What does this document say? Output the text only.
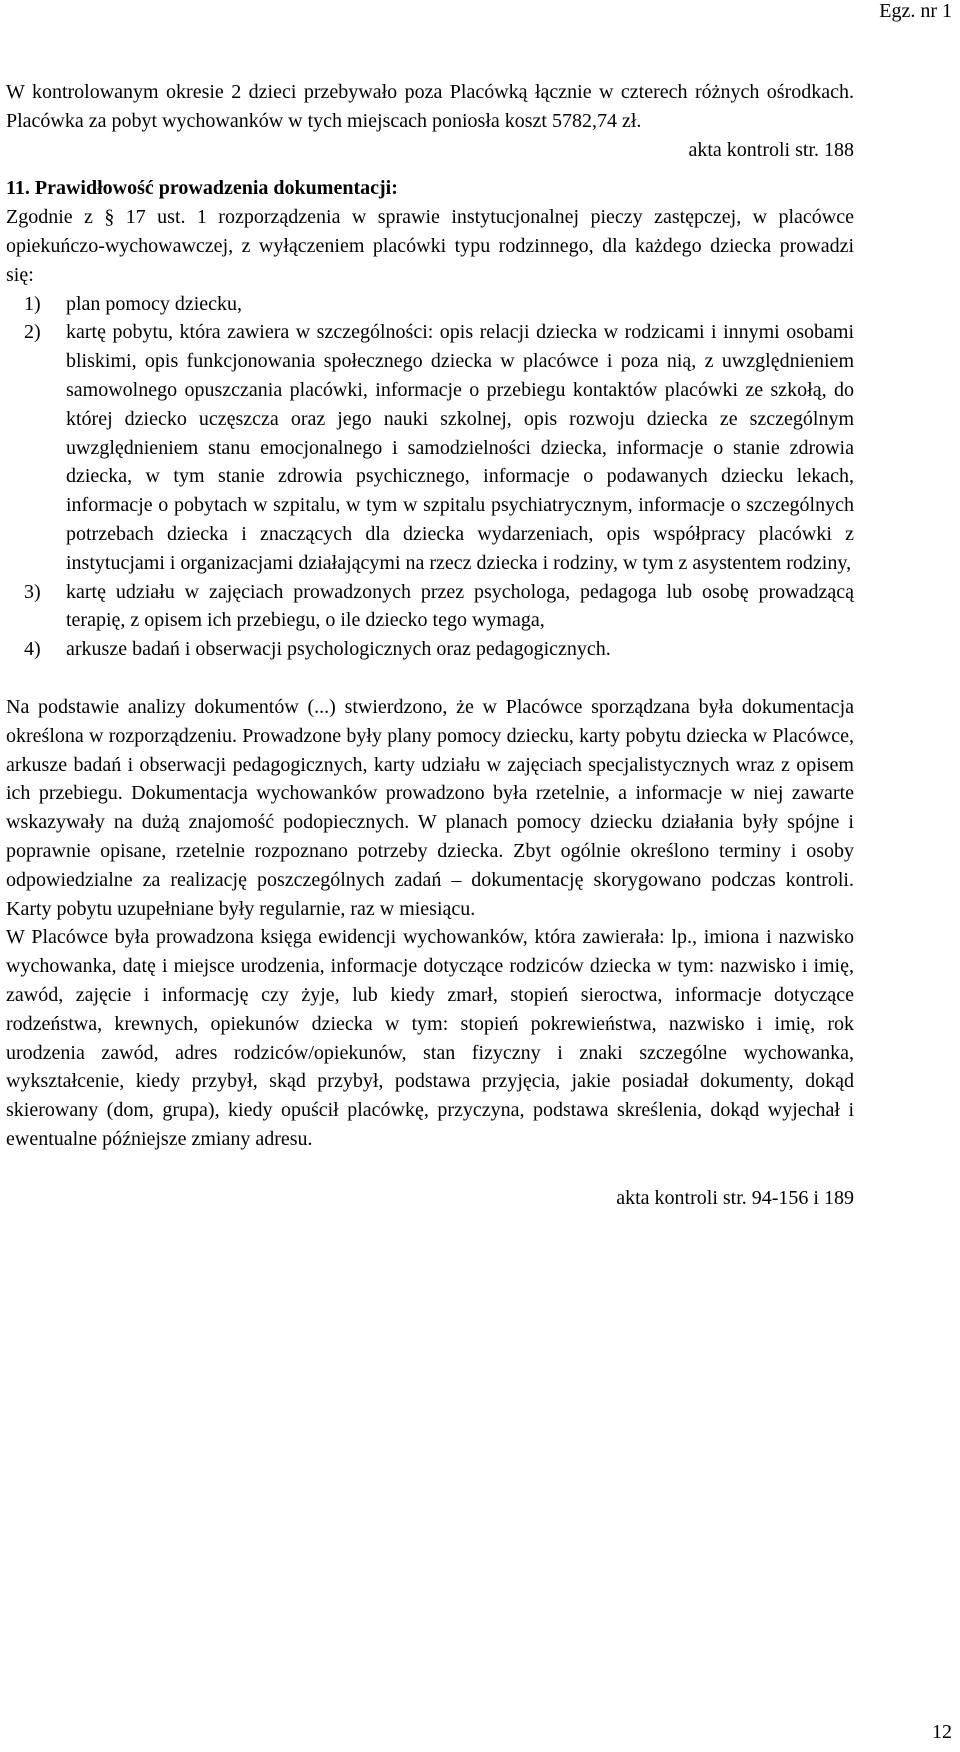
Egz. nr 1

W kontrolowanym okresie 2 dzieci przebywało poza Placówką łącznie w czterech różnych ośrodkach. Placówka za pobyt wychowanków w tych miejscach poniosła koszt 5782,74 zł.

akta kontroli str. 188
11. Prawidłowość prowadzenia dokumentacji:

Zgodnie z § 17 ust. 1 rozporządzenia w sprawie instytucjonalnej pieczy zastępczej, w placówce opiekuńczo-wychowawczej, z wyłączeniem placówki typu rodzinnego, dla każdego dziecka prowadzi się:

1) plan pomocy dziecku,
2) kartę pobytu, która zawiera w szczególności: opis relacji dziecka w rodzicami i innymi osobami bliskimi, opis funkcjonowania społecznego dziecka w placówce i poza nią, z uwzględnieniem samowolnego opuszczania placówki, informacje o przebiegu kontaktów placówki ze szkołą, do której dziecko uczęszcza oraz jego nauki szkolnej, opis rozwoju dziecka ze szczególnym uwzględnieniem stanu emocjonalnego i samodzielności dziecka, informacje o stanie zdrowia dziecka, w tym stanie zdrowia psychicznego, informacje o podawanych dziecku lekach, informacje o pobytach w szpitalu, w tym w szpitalu psychiatrycznym, informacje o szczególnych potrzebach dziecka i znaczących dla dziecka wydarzeniach, opis współpracy placówki z instytucjami i organizacjami działającymi na rzecz dziecka i rodziny, w tym z asystentem rodziny,
3) kartę udziału w zajęciach prowadzonych przez psychologa, pedagoga lub osobę prowadzącą terapię, z opisem ich przebiegu, o ile dziecko tego wymaga,
4) arkusze badań i obserwacji psychologicznych oraz pedagogicznych.

Na podstawie analizy dokumentów (...) stwierdzono, że w Placówce sporządzana była dokumentacja określona w rozporządzeniu. Prowadzone były plany pomocy dziecku, karty pobytu dziecka w Placówce, arkusze badań i obserwacji pedagogicznych, karty udziału w zajęciach specjalistycznych wraz z opisem ich przebiegu. Dokumentacja wychowanków prowadzono była rzetelnie, a informacje w niej zawarte wskazywały na dużą znajomość podopiecznych. W planach pomocy dziecku działania były spójne i poprawnie opisane, rzetelnie rozpoznano potrzeby dziecka. Zbyt ogólnie określono terminy i osoby odpowiedzialne za realizację poszczególnych zadań – dokumentację skorygowano podczas kontroli. Karty pobytu uzupełniane były regularnie, raz w miesiącu.

W Placówce była prowadzona księga ewidencji wychowanków, która zawierała: lp., imiona i nazwisko wychowanka, datę i miejsce urodzenia, informacje dotyczące rodziców dziecka w tym: nazwisko i imię, zawód, zajęcie i informację czy żyje, lub kiedy zmarł, stopień sieroctwa, informacje dotyczące rodzeństwa, krewnych, opiekunów dziecka w tym: stopień pokrewieństwa, nazwisko i imię, rok urodzenia zawód, adres rodziców/opiekunów, stan fizyczny i znaki szczególne wychowanka, wykształcenie, kiedy przybył, skąd przybył, podstawa przyjęcia, jakie posiadał dokumenty, dokąd skierowany (dom, grupa), kiedy opuścił placówkę, przyczyna, podstawa skreślenia, dokąd wyjechał i ewentualne późniejsze zmiany adresu.

akta kontroli str. 94-156 i 189
12
